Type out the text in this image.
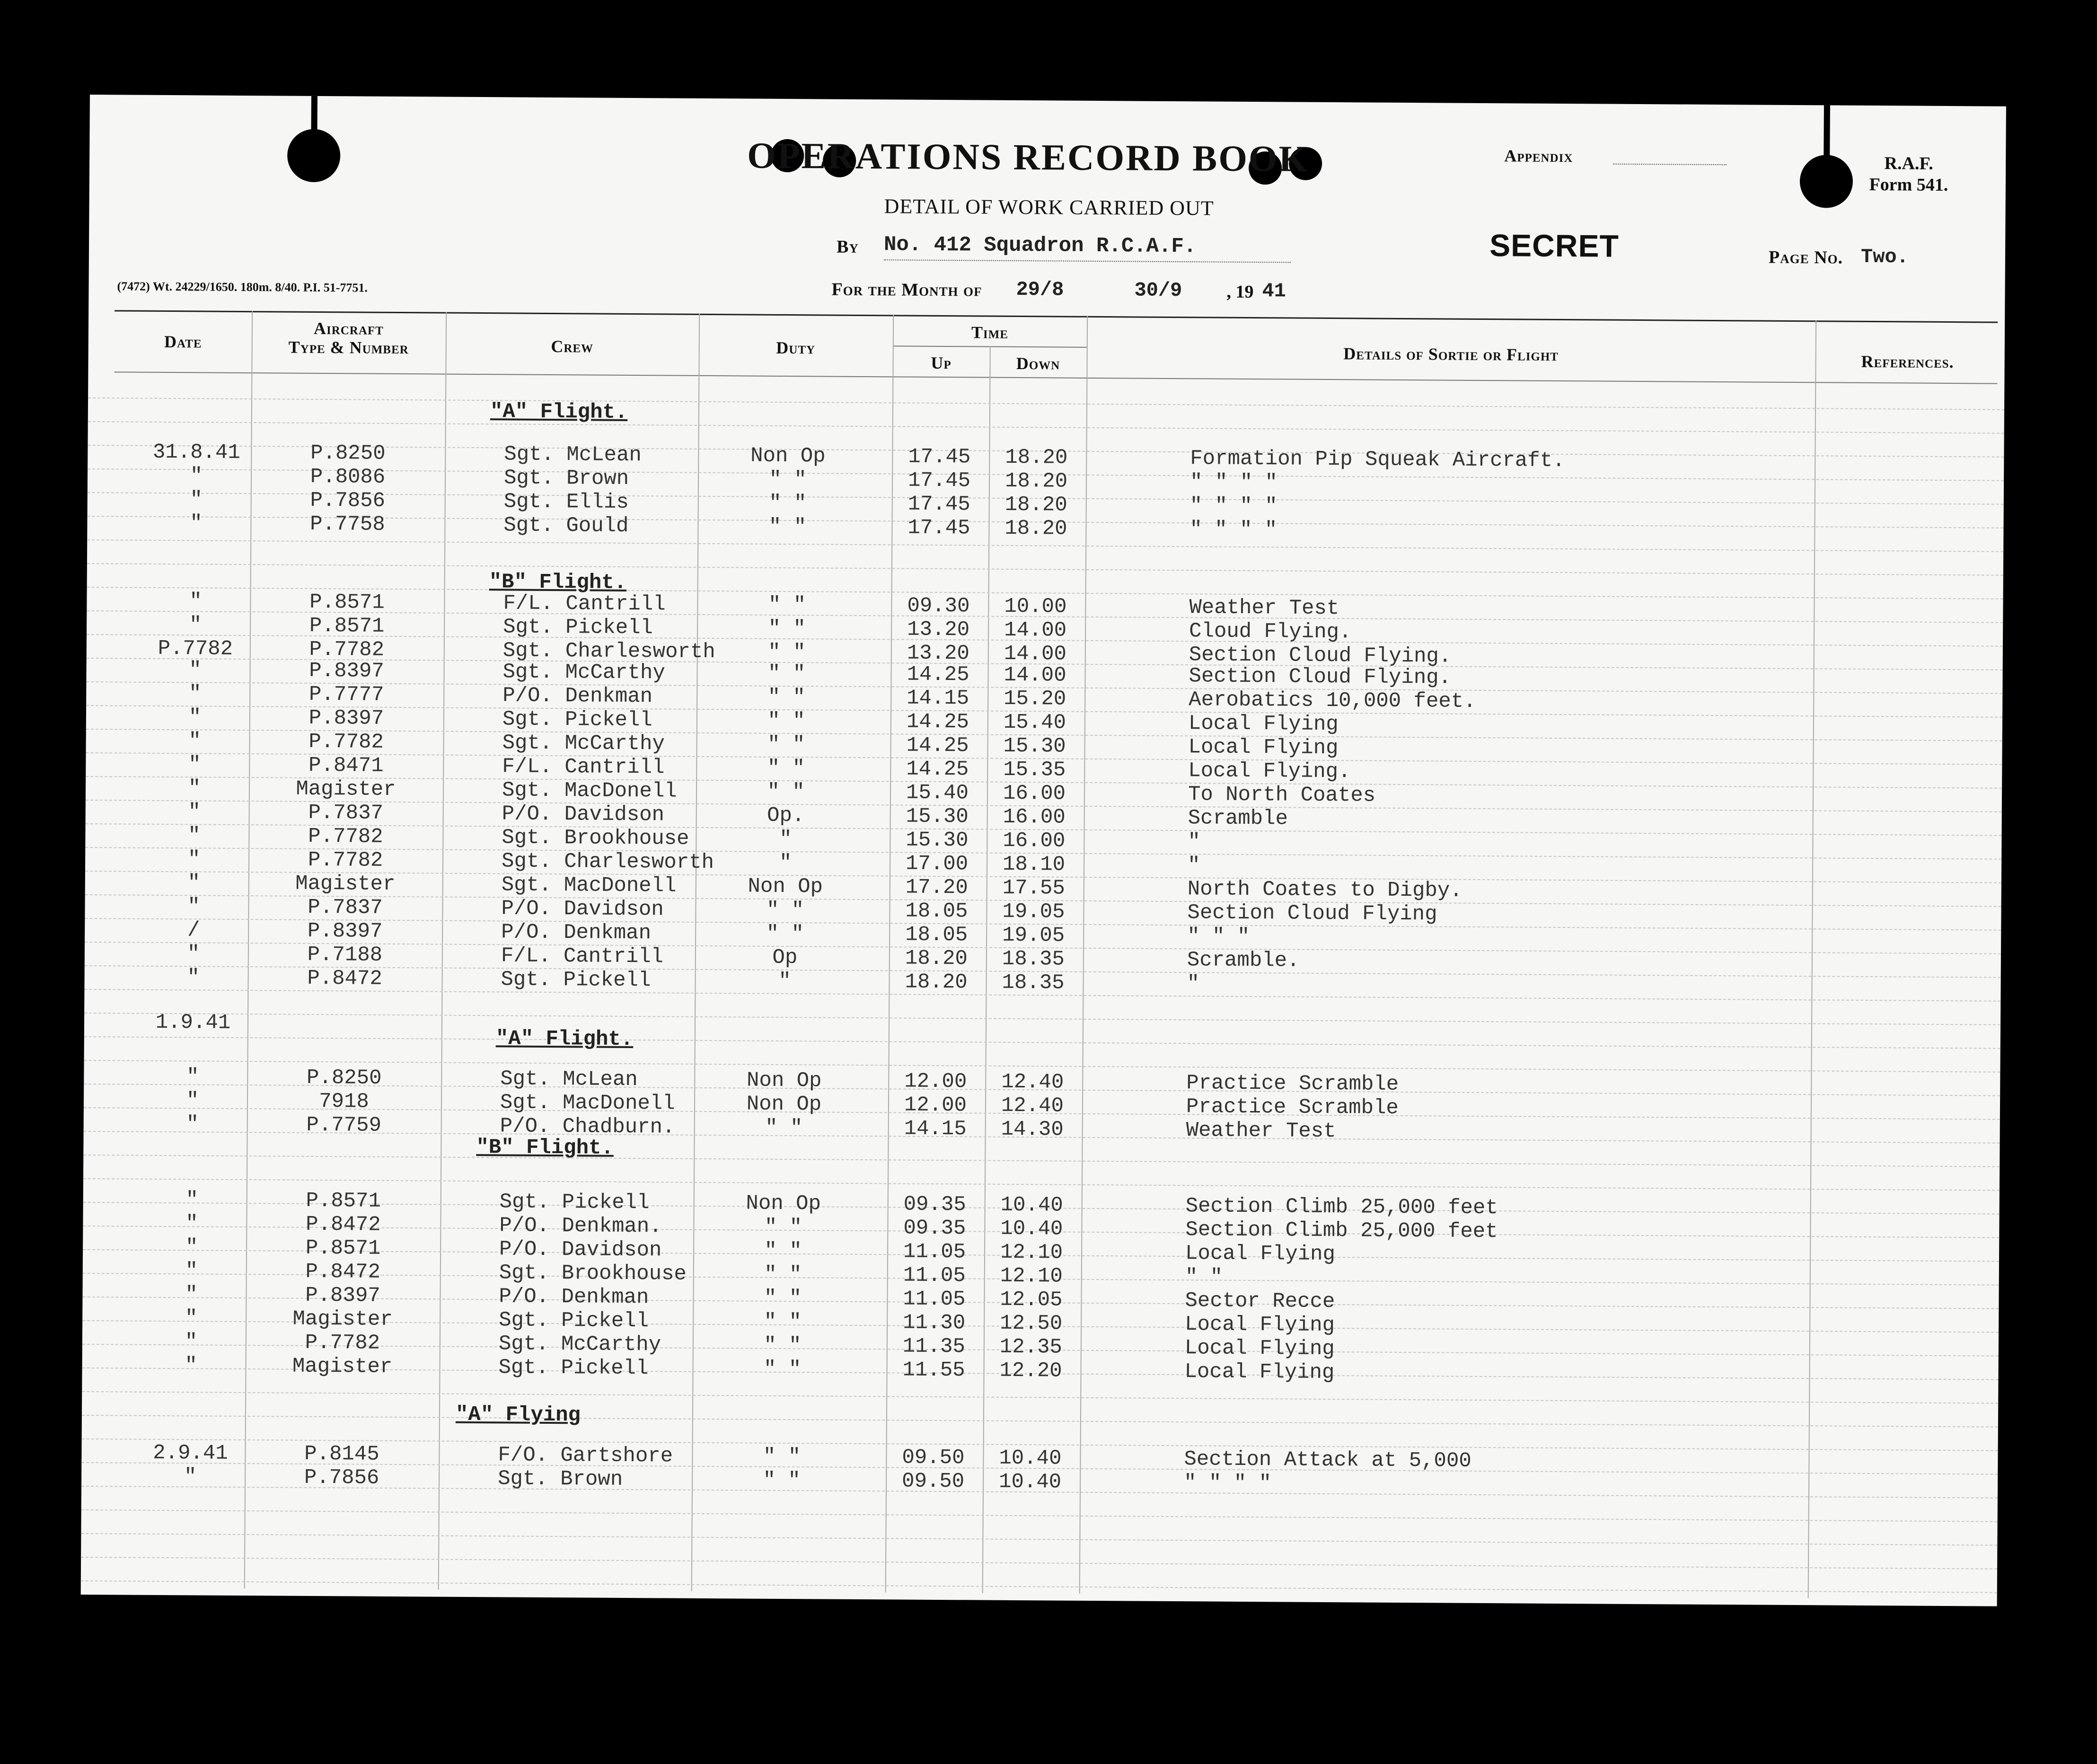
OPERATIONS RECORD BOOK
DETAIL OF WORK CARRIED OUT
Appendix	R.A.F.
Form 541.
By No. 412 Squadron R.C.A.F.	SECRET	Page No. Two.
(7472) Wt. 24229/1650. 180m. 8/40. P.I. 51-7751.	For the Month of 29/8	30/9 , 19 41
Date
Aircraft
Type & Number	Crew	Duty
Time
Up	Down	Details of Sortie or Flight	References.
"A" Flight.
"B" Flight.
"A" Flight.
"B" Flight.
"A" Flying
31.8.41	P.8250	Sgt. McLean	Non Op	17.45	18.20	Formation Pip Squeak Aircraft.
"	P.8086	Sgt. Brown	" "	17.45	18.20	" " " "
"	P.7856	Sgt. Ellis	" "	17.45	18.20	" " " "
"	P.7758	Sgt. Gould	" "	17.45	18.20	" " " "
"	P.8571	F/L. Cantrill	" "	09.30	10.00	Weather Test
"	P.8571	Sgt. Pickell	" "	13.20	14.00	Cloud Flying.
P.7782	P.7782	Sgt. Charlesworth	" "	13.20	14.00	Section Cloud Flying.
"	P.8397	Sgt. McCarthy	" "	14.25	14.00	Section Cloud Flying.
"	P.7777	P/O. Denkman	" "	14.15	15.20	Aerobatics 10,000 feet.
"	P.8397	Sgt. Pickell	" "	14.25	15.40	Local Flying
"	P.7782	Sgt. McCarthy	" "	14.25	15.30	Local Flying
"	P.8471	F/L. Cantrill	" "	14.25	15.35	Local Flying.
"	Magister	Sgt. MacDonell	" "	15.40	16.00	To North Coates
"	P.7837	P/O. Davidson	Op.	15.30	16.00	Scramble
"	P.7782	Sgt. Brookhouse	"	15.30	16.00	"
"	P.7782	Sgt. Charlesworth	"	17.00	18.10	"
"	Magister	Sgt. MacDonell	Non Op	17.20	17.55	North Coates to Digby.
"	P.7837	P/O. Davidson	" "	18.05	19.05	Section Cloud Flying
/	P.8397	P/O. Denkman	" "	18.05	19.05	" " "
"	P.7188	F/L. Cantrill	Op	18.20	18.35	Scramble.
"	P.8472	Sgt. Pickell	"	18.20	18.35	"
1.9.41
"	P.8250	Sgt. McLean	Non Op	12.00	12.40	Practice Scramble
"	7918	Sgt. MacDonell	Non Op	12.00	12.40	Practice Scramble
"	P.7759	P/O. Chadburn.	" "	14.15	14.30	Weather Test
"	P.8571	Sgt. Pickell	Non Op	09.35	10.40	Section Climb 25,000 feet
"	P.8472	P/O. Denkman.	" "	09.35	10.40	Section Climb 25,000 feet
"	P.8571	P/O. Davidson	" "	11.05	12.10	Local Flying
"	P.8472	Sgt. Brookhouse	" "	11.05	12.10	" "
"	P.8397	P/O. Denkman	" "	11.05	12.05	Sector Recce
"	Magister	Sgt. Pickell	" "	11.30	12.50	Local Flying
"	P.7782	Sgt. McCarthy	" "	11.35	12.35	Local Flying
"	Magister	Sgt. Pickell	" "	11.55	12.20	Local Flying
2.9.41	P.8145	F/O. Gartshore	" "	09.50	10.40	Section Attack at 5,000
"	P.7856	Sgt. Brown	" "	09.50	10.40	" " " "
